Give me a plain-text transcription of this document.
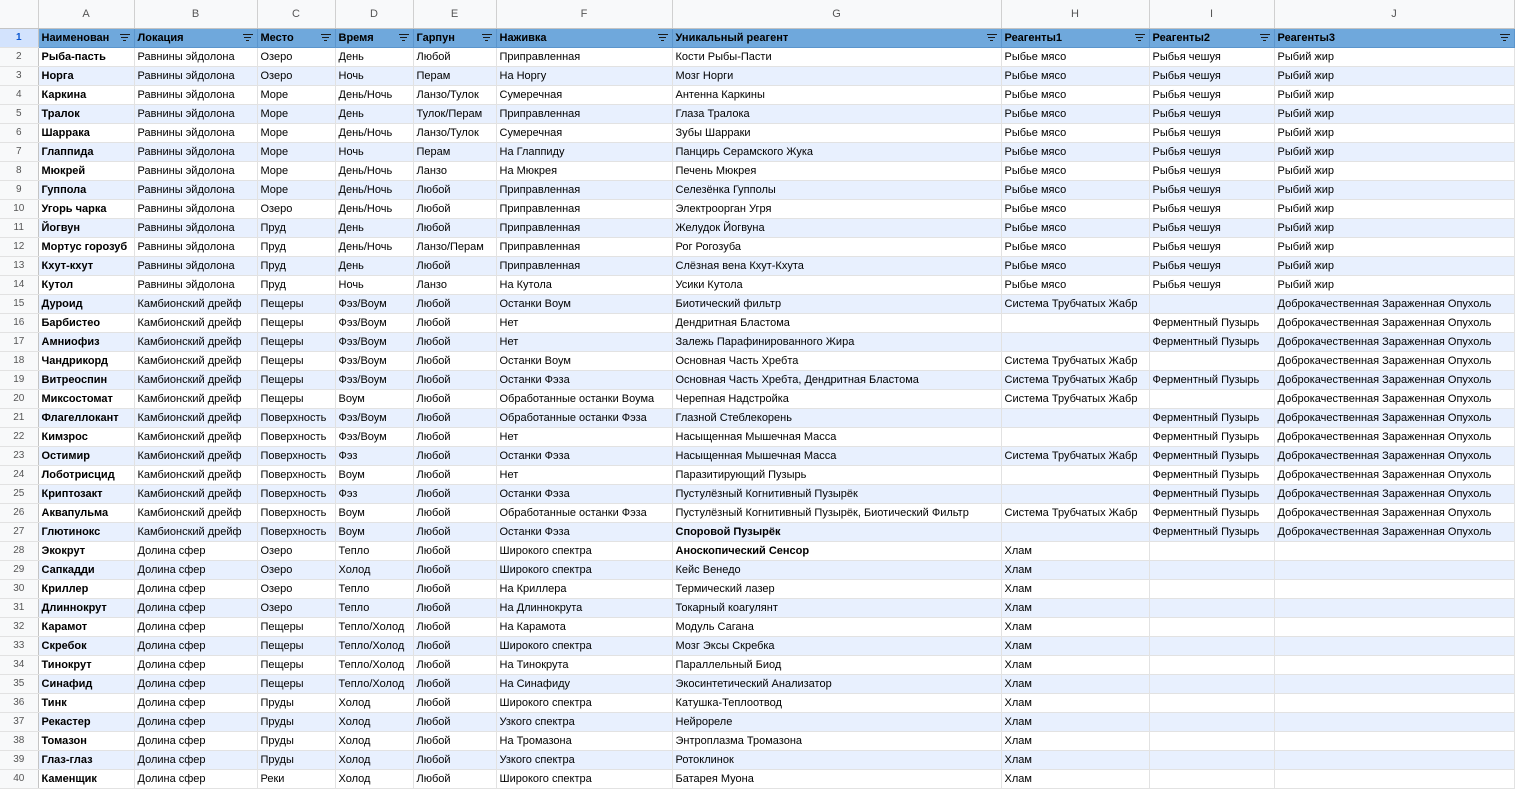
	A	B	C	D	E	F	G	H	I	J
1	Наименован	Локация	Место	Время	Гарпун	Наживка	Уникальный реагент	Реагенты1	Реагенты2	Реагенты3

2	Рыба-пасть	Равнины эйдолона	Озеро	День	Любой	Приправленная	Кости Рыбы-Пасти	Рыбье мясо	Рыбья чешуя	Рыбий жир
3	Норга	Равнины эйдолона	Озеро	Ночь	Перам	На Норгу	Мозг Норги	Рыбье мясо	Рыбья чешуя	Рыбий жир
4	Каркина	Равнины эйдолона	Море	День/Ночь	Ланзо/Тулок	Сумеречная	Антенна Каркины	Рыбье мясо	Рыбья чешуя	Рыбий жир
5	Тралок	Равнины эйдолона	Море	День	Тулок/Перам	Приправленная	Глаза Тралока	Рыбье мясо	Рыбья чешуя	Рыбий жир
6	Шаррака	Равнины эйдолона	Море	День/Ночь	Ланзо/Тулок	Сумеречная	Зубы Шарраки	Рыбье мясо	Рыбья чешуя	Рыбий жир
7	Глаппида	Равнины эйдолона	Море	Ночь	Перам	На Глаппиду	Панцирь Серамского Жука	Рыбье мясо	Рыбья чешуя	Рыбий жир
8	Мюкрей	Равнины эйдолона	Море	День/Ночь	Ланзо	На Мюкрея	Печень Мюкрея	Рыбье мясо	Рыбья чешуя	Рыбий жир
9	Гуппола	Равнины эйдолона	Море	День/Ночь	Любой	Приправленная	Селезёнка Гупполы	Рыбье мясо	Рыбья чешуя	Рыбий жир
10	Угорь чарка	Равнины эйдолона	Озеро	День/Ночь	Любой	Приправленная	Электроорган Угря	Рыбье мясо	Рыбья чешуя	Рыбий жир
11	Йогвун	Равнины эйдолона	Пруд	День	Любой	Приправленная	Желудок Йогвуна	Рыбье мясо	Рыбья чешуя	Рыбий жир
12	Мортус горозуб	Равнины эйдолона	Пруд	День/Ночь	Ланзо/Перам	Приправленная	Рог Рогозуба	Рыбье мясо	Рыбья чешуя	Рыбий жир
13	Кхут-кхут	Равнины эйдолона	Пруд	День	Любой	Приправленная	Слёзная вена Кхут-Кхута	Рыбье мясо	Рыбья чешуя	Рыбий жир
14	Кутол	Равнины эйдолона	Пруд	Ночь	Ланзо	На Кутола	Усики Кутола	Рыбье мясо	Рыбья чешуя	Рыбий жир
15	Дуроид	Камбионский дрейф	Пещеры	Фэз/Воум	Любой	Останки Воум	Биотический фильтр	Система Трубчатых Жабр		Доброкачественная Зараженная Опухоль
16	Барбистео	Камбионский дрейф	Пещеры	Фэз/Воум	Любой	Нет	Дендритная Бластома		Ферментный Пузырь	Доброкачественная Зараженная Опухоль
17	Амниофиз	Камбионский дрейф	Пещеры	Фэз/Воум	Любой	Нет	Залежь Парафинированного Жира		Ферментный Пузырь	Доброкачественная Зараженная Опухоль
18	Чандрикорд	Камбионский дрейф	Пещеры	Фэз/Воум	Любой	Останки Воум	Основная Часть Хребта	Система Трубчатых Жабр		Доброкачественная Зараженная Опухоль
19	Витреоспин	Камбионский дрейф	Пещеры	Фэз/Воум	Любой	Останки Фэза	Основная Часть Хребта, Дендритная Бластома	Система Трубчатых Жабр	Ферментный Пузырь	Доброкачественная Зараженная Опухоль
20	Миксостомат	Камбионский дрейф	Пещеры	Воум	Любой	Обработанные останки Воума	Черепная Надстройка	Система Трубчатых Жабр		Доброкачественная Зараженная Опухоль
21	Флагеллокант	Камбионский дрейф	Поверхность	Фэз/Воум	Любой	Обработанные останки Фэза	Глазной Стеблекорень		Ферментный Пузырь	Доброкачественная Зараженная Опухоль
22	Кимзрос	Камбионский дрейф	Поверхность	Фэз/Воум	Любой	Нет	Насыщенная Мышечная Масса		Ферментный Пузырь	Доброкачественная Зараженная Опухоль
23	Остимир	Камбионский дрейф	Поверхность	Фэз	Любой	Останки Фэза	Насыщенная Мышечная Масса	Система Трубчатых Жабр	Ферментный Пузырь	Доброкачественная Зараженная Опухоль
24	Лоботрисцид	Камбионский дрейф	Поверхность	Воум	Любой	Нет	Паразитирующий Пузырь		Ферментный Пузырь	Доброкачественная Зараженная Опухоль
25	Криптозакт	Камбионский дрейф	Поверхность	Фэз	Любой	Останки Фэза	Пустулёзный Когнитивный Пузырёк		Ферментный Пузырь	Доброкачественная Зараженная Опухоль
26	Аквапульма	Камбионский дрейф	Поверхность	Воум	Любой	Обработанные останки Фэза	Пустулёзный Когнитивный Пузырёк, Биотический Фильтр	Система Трубчатых Жабр	Ферментный Пузырь	Доброкачественная Зараженная Опухоль
27	Глютинокс	Камбионский дрейф	Поверхность	Воум	Любой	Останки Фэза	Споровой Пузырёк		Ферментный Пузырь	Доброкачественная Зараженная Опухоль
28	Экокрут	Долина сфер	Озеро	Тепло	Любой	Широкого спектра	Аноскопический Сенсор	Хлам		
29	Сапкадди	Долина сфер	Озеро	Холод	Любой	Широкого спектра	Кейс Венедо	Хлам		
30	Криллер	Долина сфер	Озеро	Тепло	Любой	На Криллера	Термический лазер	Хлам		
31	Длиннокрут	Долина сфер	Озеро	Тепло	Любой	На Длиннокрута	Токарный коагулянт	Хлам		
32	Карамот	Долина сфер	Пещеры	Тепло/Холод	Любой	На Карамота	Модуль Сагана	Хлам		
33	Скребок	Долина сфер	Пещеры	Тепло/Холод	Любой	Широкого спектра	Мозг Эксы Скребка	Хлам		
34	Тинокрут	Долина сфер	Пещеры	Тепло/Холод	Любой	На Тинокрута	Параллельный Биод	Хлам		
35	Синафид	Долина сфер	Пещеры	Тепло/Холод	Любой	На Синафиду	Экосинтетический Анализатор	Хлам		
36	Тинк	Долина сфер	Пруды	Холод	Любой	Широкого спектра	Катушка-Теплоотвод	Хлам		
37	Рекастер	Долина сфер	Пруды	Холод	Любой	Узкого спектра	Нейрореле	Хлам		
38	Томазон	Долина сфер	Пруды	Холод	Любой	На Тромазона	Энтроплазма Тромазона	Хлам		
39	Глаз-глаз	Долина сфер	Пруды	Холод	Любой	Узкого спектра	Ротоклинок	Хлам		
40	Каменщик	Долина сфер	Реки	Холод	Любой	Широкого спектра	Батарея Муона	Хлам		
